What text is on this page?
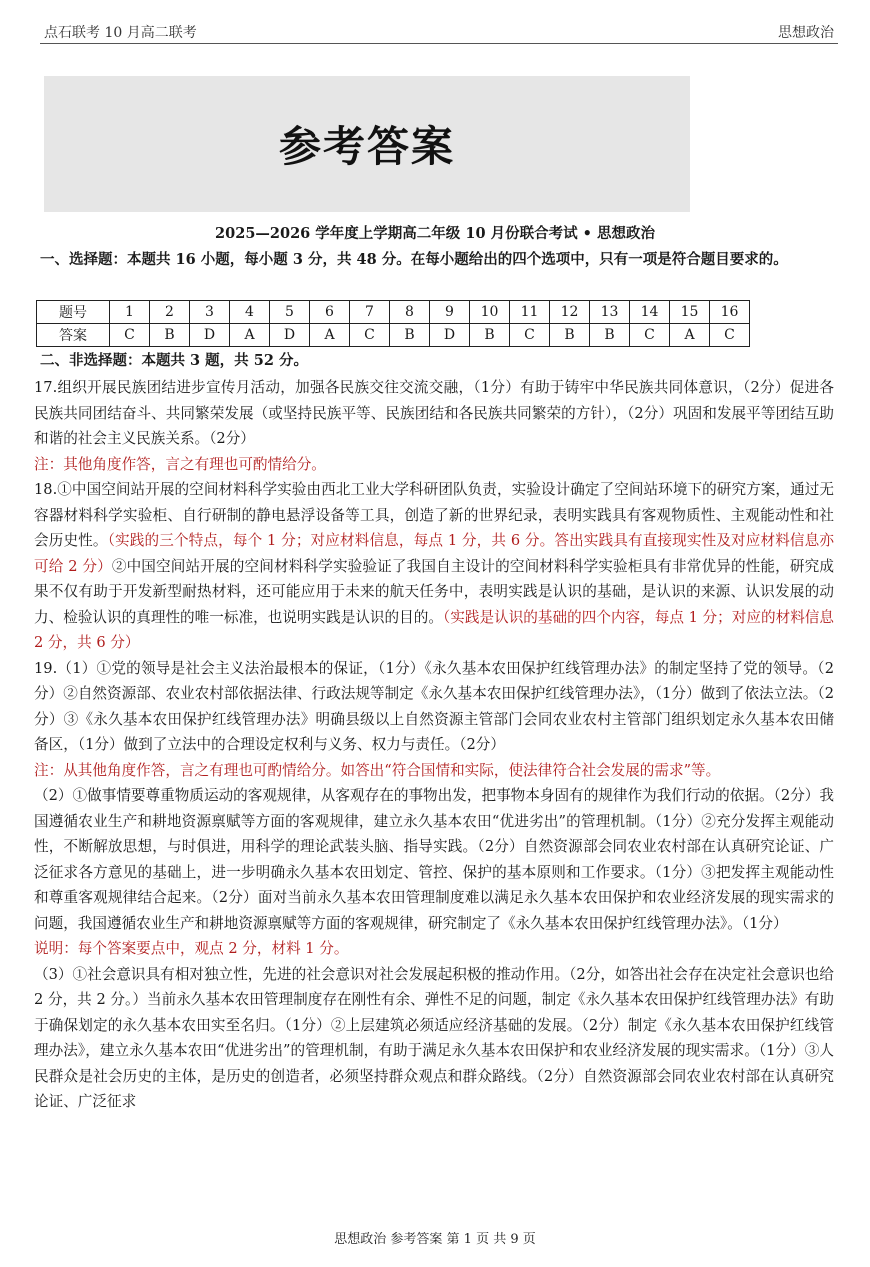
点石联考 10 月高二联考	思想政治
参考答案
2025—2026 学年度上学期高二年级 10 月份联合考试 • 思想政治
一、选择题：本题共 16 小题，每小题 3 分，共 48 分。在每小题给出的四个选项中，只有一项是符合题目要求的。
题号	1	2	3	4	5	6	7	8	9	10	11	12	13	14	15	16
答案	C	B	D	A	D	A	C	B	D	B	C	B	B	C	A	C
二、非选择题：本题共 3 题，共 52 分。

17.组织开展民族团结进步宣传月活动，加强各民族交往交流交融，（1分）有助于铸牢中华民族共同体意识，（2分）促进各民族共同团结奋斗、共同繁荣发展（或坚持民族平等、民族团结和各民族共同繁荣的方针），（2分）巩固和发展平等团结互助和谐的社会主义民族关系。（2分）

注：其他角度作答，言之有理也可酌情给分。

18.①中国空间站开展的空间材料科学实验由西北工业大学科研团队负责，实验设计确定了空间站环境下的研究方案，通过无容器材料科学实验柜、自行研制的静电悬浮设备等工具，创造了新的世界纪录，表明实践具有客观物质性、主观能动性和社会历史性。（实践的三个特点，每个 1 分；对应材料信息，每点 1 分，共 6 分。答出实践具有直接现实性及对应材料信息亦可给 2 分）②中国空间站开展的空间材料科学实验验证了我国自主设计的空间材料科学实验柜具有非常优异的性能，研究成果不仅有助于开发新型耐热材料，还可能应用于未来的航天任务中，表明实践是认识的基础，是认识的来源、认识发展的动力、检验认识的真理性的唯一标准，也说明实践是认识的目的。（实践是认识的基础的四个内容，每点 1 分；对应的材料信息 2 分，共 6 分）

19.（1）①党的领导是社会主义法治最根本的保证，（1分）《永久基本农田保护红线管理办法》的制定坚持了党的领导。（2分）②自然资源部、农业农村部依据法律、行政法规等制定《永久基本农田保护红线管理办法》，（1分）做到了依法立法。（2分）③《永久基本农田保护红线管理办法》明确县级以上自然资源主管部门会同农业农村主管部门组织划定永久基本农田储备区，（1分）做到了立法中的合理设定权利与义务、权力与责任。（2分）

注：从其他角度作答，言之有理也可酌情给分。如答出“符合国情和实际，使法律符合社会发展的需求”等。

（2）①做事情要尊重物质运动的客观规律，从客观存在的事物出发，把事物本身固有的规律作为我们行动的依据。（2分）我国遵循农业生产和耕地资源禀赋等方面的客观规律，建立永久基本农田“优进劣出”的管理机制。（1分）②充分发挥主观能动性，不断解放思想，与时俱进，用科学的理论武装头脑、指导实践。（2分）自然资源部会同农业农村部在认真研究论证、广泛征求各方意见的基础上，进一步明确永久基本农田划定、管控、保护的基本原则和工作要求。（1分）③把发挥主观能动性和尊重客观规律结合起来。（2分）面对当前永久基本农田管理制度难以满足永久基本农田保护和农业经济发展的现实需求的问题，我国遵循农业生产和耕地资源禀赋等方面的客观规律，研究制定了《永久基本农田保护红线管理办法》。（1分）

说明：每个答案要点中，观点 2 分，材料 1 分。

（3）①社会意识具有相对独立性，先进的社会意识对社会发展起积极的推动作用。（2分，如答出社会存在决定社会意识也给 2 分，共 2 分。）当前永久基本农田管理制度存在刚性有余、弹性不足的问题，制定《永久基本农田保护红线管理办法》有助于确保划定的永久基本农田实至名归。（1分）②上层建筑必须适应经济基础的发展。（2分）制定《永久基本农田保护红线管理办法》，建立永久基本农田“优进劣出”的管理机制，有助于满足永久基本农田保护和农业经济发展的现实需求。（1分）③人民群众是社会历史的主体，是历史的创造者，必须坚持群众观点和群众路线。（2分）自然资源部会同农业农村部在认真研究论证、广泛征求

思想政治 参考答案 第 1 页 共 9 页
